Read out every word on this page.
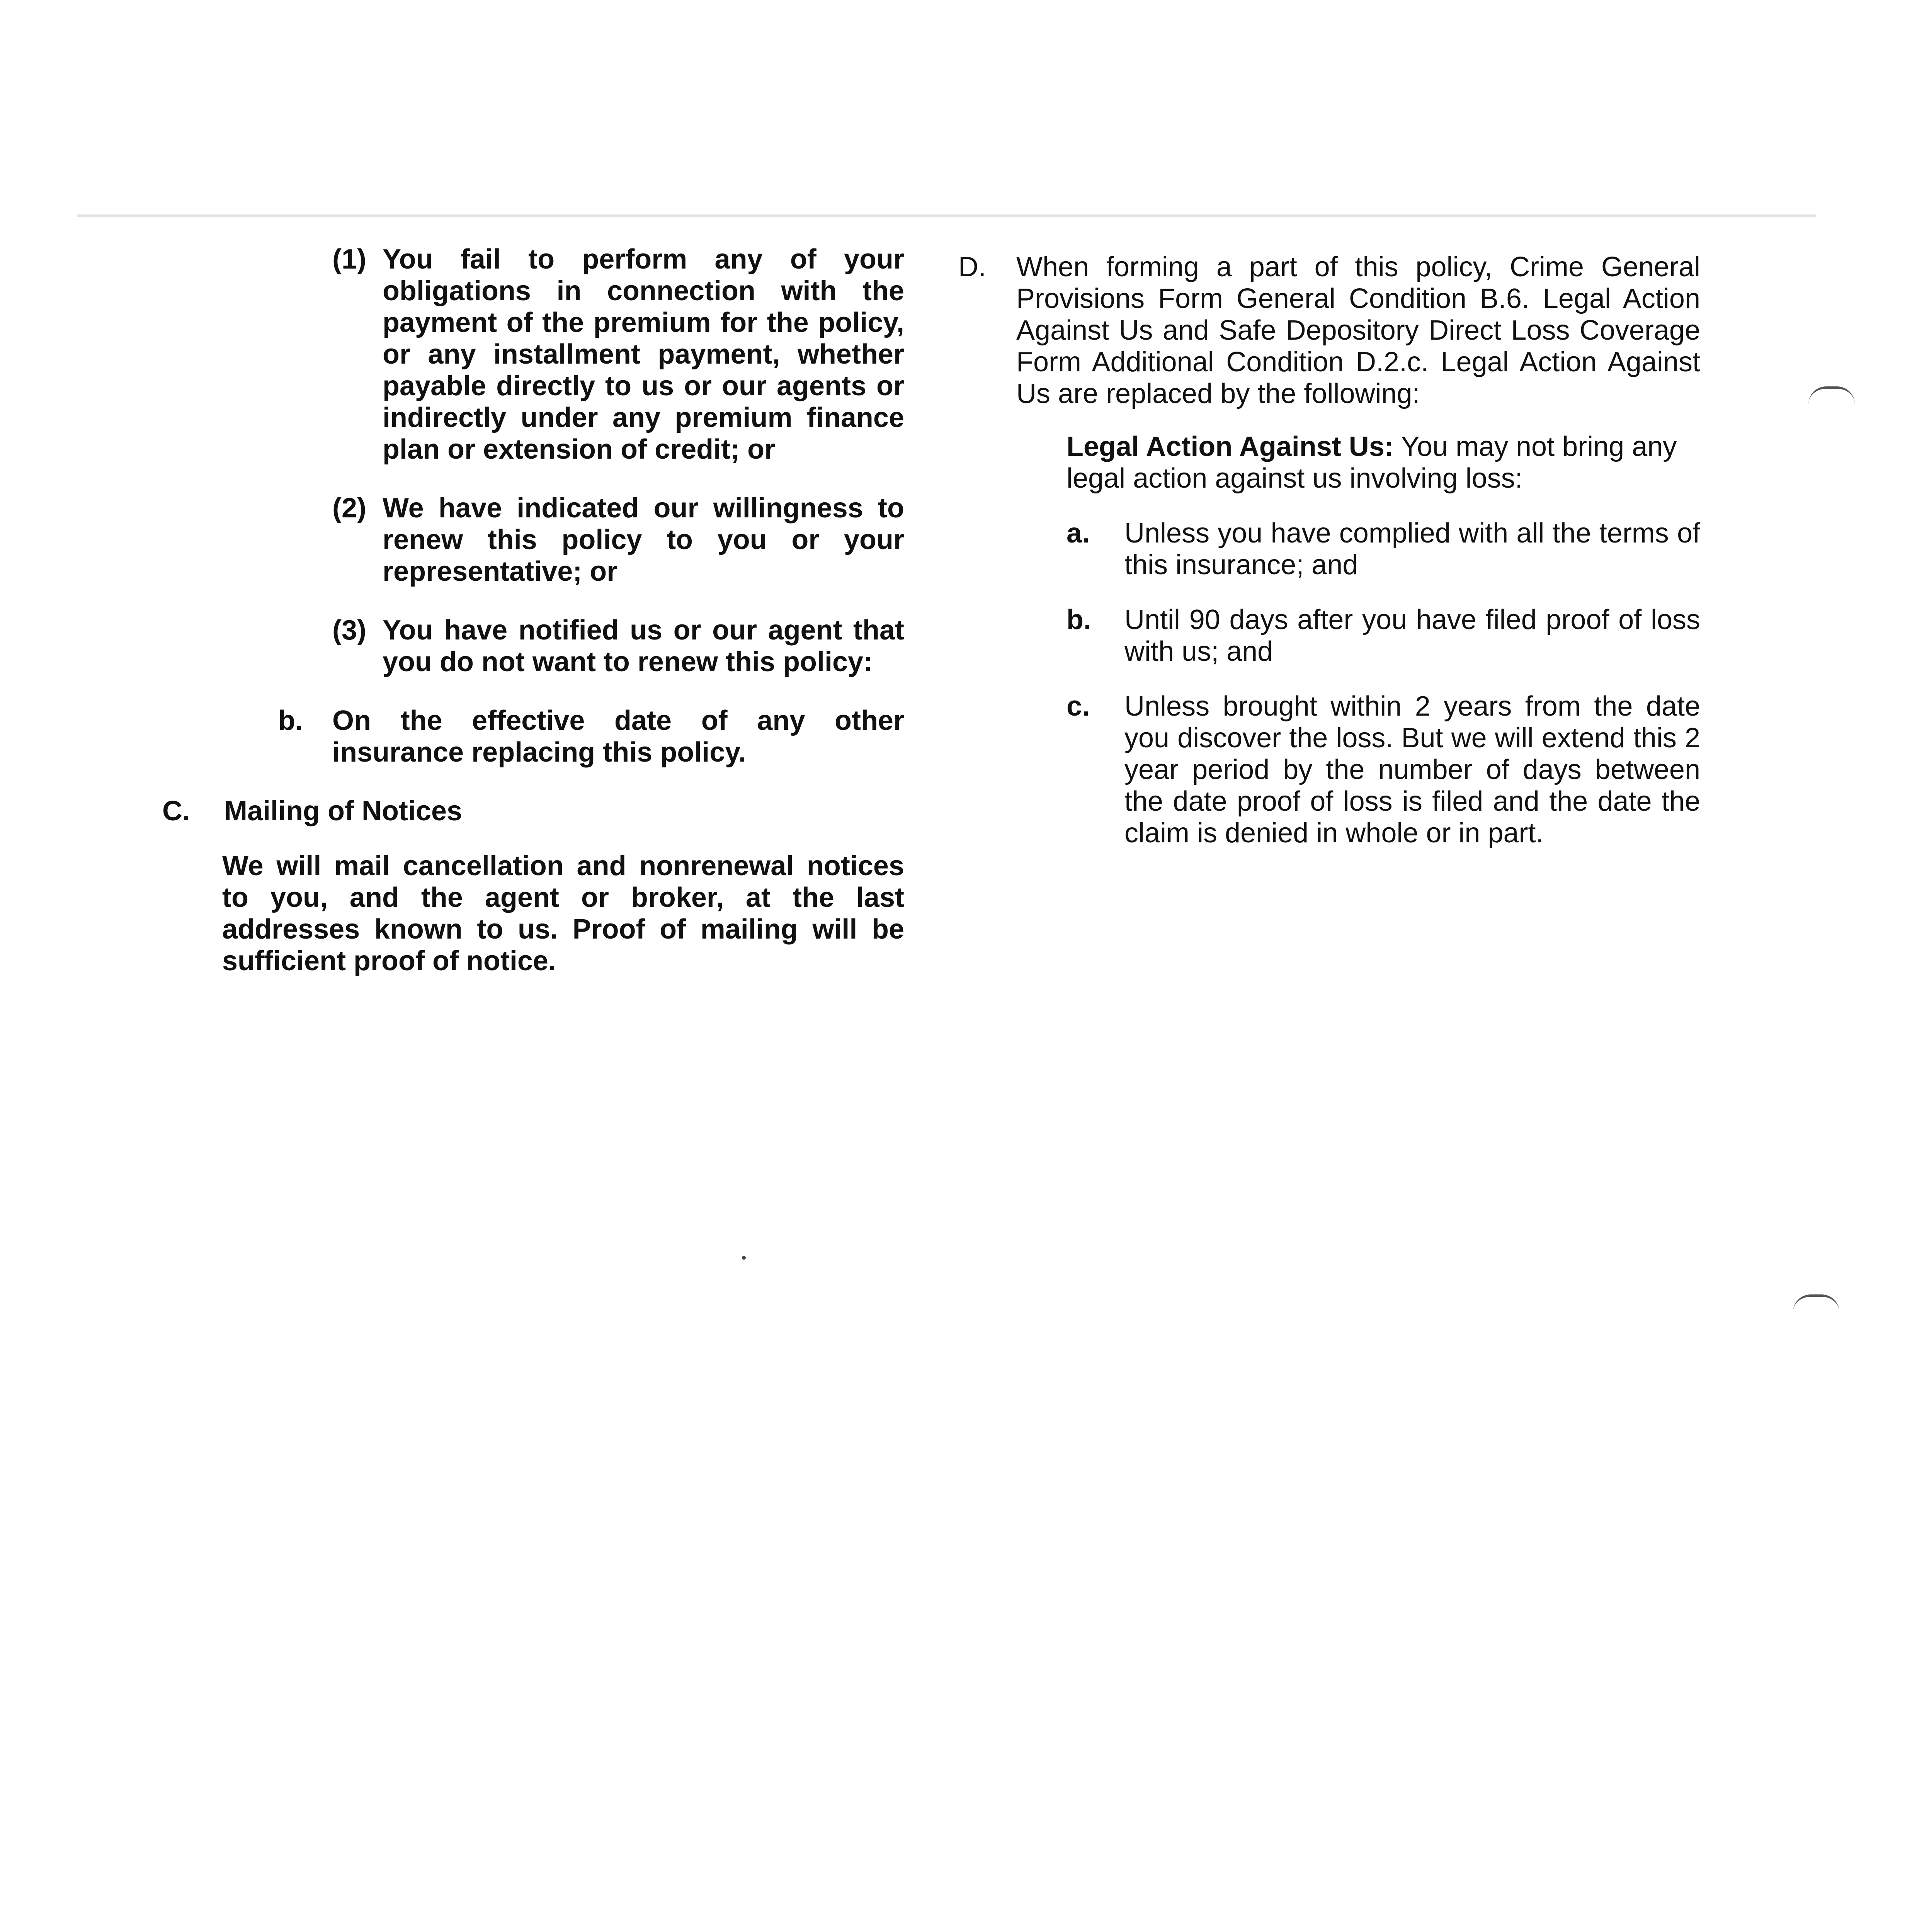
(1) You fail to perform any of your obligations in connection with the payment of the premium for the policy, or any installment payment, whether payable directly to us or our agents or indirectly under any premium finance plan or extension of credit; or
(2) We have indicated our willingness to renew this policy to you or your representative; or
(3) You have notified us or our agent that you do not want to renew this policy:
b. On the effective date of any other insurance replacing this policy.
C. Mailing of Notices
We will mail cancellation and nonrenewal notices to you, and the agent or broker, at the last addresses known to us. Proof of mailing will be sufficient proof of notice.
D. When forming a part of this policy, Crime General Provisions Form General Condition B.6. Legal Action Against Us and Safe Depository Direct Loss Coverage Form Additional Condition D.2.c. Legal Action Against Us are replaced by the following:
Legal Action Against Us: You may not bring any legal action against us involving loss:
a. Unless you have complied with all the terms of this insurance; and
b. Until 90 days after you have filed proof of loss with us; and
c. Unless brought within 2 years from the date you discover the loss. But we will extend this 2 year period by the number of days between the date proof of loss is filed and the date the claim is denied in whole or in part.
